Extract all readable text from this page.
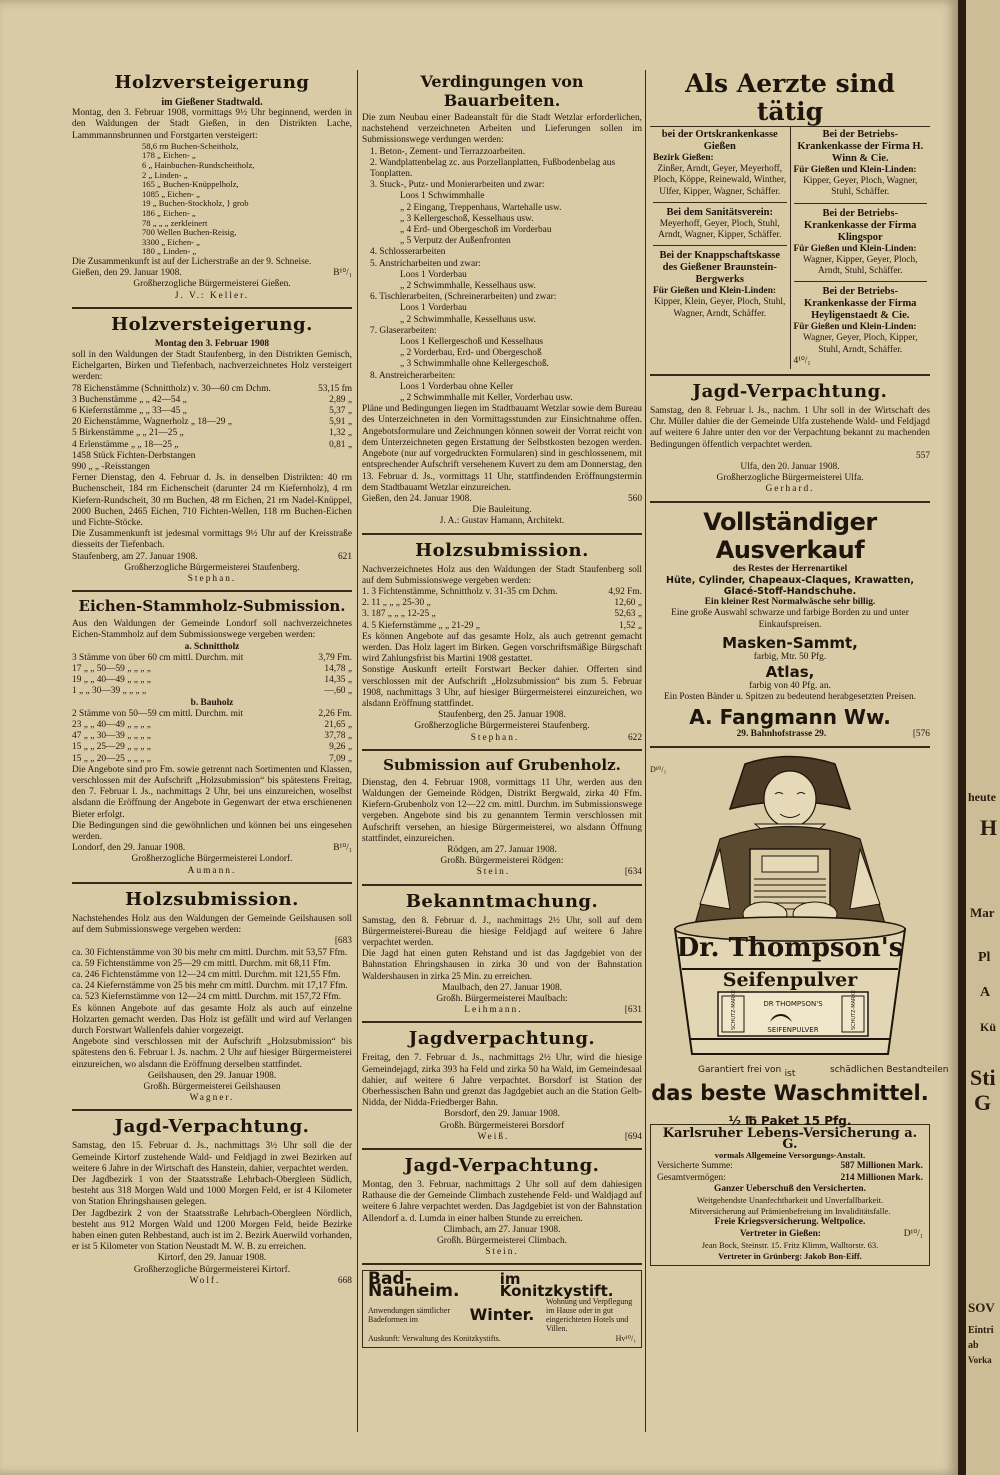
Holzversteigerung
im Gießener Stadtwald.

Montag, den 3. Februar 1908, vormittags 9½ Uhr beginnend, werden in den Waldungen der Stadt Gießen, in den Distrikten Lache, Lammmannsbrunnen und Forstgarten versteigert:

58,6 rm Buchen-Scheitholz,

178 „ Eichen- „

6 „ Hainbuchen-Rundscheitholz,

2 „ Linden- „

165 „ Buchen-Knüppelholz,

1085 „ Eichen- „

19 „ Buchen-Stockholz, } grob

186 „ Eichen- „

78 „ „ „ zerkleinert

700 Wellen Buchen-Reisig,

3300 „ Eichen- „

180 „ Linden- „

Die Zusammenkunft ist auf der Licherstraße an der 9. Schneise.

Gießen, den 29. Januar 1908.	B¹⁰/₁
Großherzogliche Bürgermeisterei Gießen.
J. V.: Keller.
Holzversteigerung.
Montag den 3. Februar 1908

soll in den Waldungen der Stadt Staufenberg, in den Distrikten Gemisch, Eichelgarten, Birken und Tiefenbach, nachverzeichnetes Holz versteigert werden:

78 Eichenstämme (Schnittholz) v. 30—60 cm Dchm.	53,15 fm
3 Buchenstämme „ „ 42—54 „	2,89 „
6 Kiefernstämme „ „ 33—45 „	5,37 „
20 Eichenstämme, Wagnerholz „ 18—29 „	5,91 „
5 Birkenstämme „ „ 21—25 „	1,32 „
4 Erlenstämme „ „ 18—25 „	0,81 „
1458 Stück Fichten-Derbstangen
990 „ „ -Reisstangen

Ferner Dienstag, den 4. Februar d. Js. in denselben Distrikten: 40 rm Buchenscheit, 184 rm Eichenscheit (darunter 24 rm Kiefernholz), 4 rm Kiefern-Rundscheit, 30 rm Buchen, 48 rm Eichen, 21 rm Nadel-Knüppel, 2000 Buchen, 2465 Eichen, 710 Fichten-Wellen, 118 rm Buchen-Eichen und Fichte-Stöcke.

Die Zusammenkunft ist jedesmal vormittags 9½ Uhr auf der Kreisstraße diesseits der Tiefenbach.

Staufenberg, am 27. Januar 1908.	621
Großherzogliche Bürgermeisterei Staufenberg.
Stephan.
Eichen-Stammholz-Submission.

Aus den Waldungen der Gemeinde Londorf soll nachverzeichnetes Eichen-Stammholz auf dem Submissionswege vergeben werden:

a. Schnittholz
3 Stämme von über 60 cm mittl. Durchm. mit	3,79 Fm.
17 „ „ 50—59 „ „ „ „	14,78 „
19 „ „ 40—49 „ „ „ „	14,35 „
1 „ „ 30—39 „ „ „ „	—,60 „
b. Bauholz
2 Stämme von 50—59 cm mittl. Durchm. mit	2,26 Fm.
23 „ „ 40—49 „ „ „ „	21,65 „
47 „ „ 30—39 „ „ „ „	37,78 „
15 „ „ 25—29 „ „ „ „	9,26 „
15 „ „ 20—25 „ „ „ „	7,09 „

Die Angebote sind pro Fm. sowie getrennt nach Sortimenten und Klassen, verschlossen mit der Aufschrift „Holzsubmission“ bis spätestens Freitag, den 7. Februar l. Js., nachmittags 2 Uhr, bei uns einzureichen, woselbst alsdann die Eröffnung der Angebote in Gegenwart der etwa erschienenen Bieter erfolgt.

Die Bedingungen sind die gewöhnlichen und können bei uns eingesehen werden.

Londorf, den 29. Januar 1908.	B¹⁰/₁
Großherzogliche Bürgermeisterei Londorf.
Aumann.
Holzsubmission.

Nachstehendes Holz aus den Waldungen der Gemeinde Geilshausen soll auf dem Submissionswege vergeben werden:

[683

ca. 30 Fichtenstämme von 30 bis mehr cm mittl. Durchm. mit 53,57 Ffm.

ca. 59 Fichtenstämme von 25—29 cm mittl. Durchm. mit 68,11 Ffm.

ca. 246 Fichtenstämme von 12—24 cm mittl. Durchm. mit 121,55 Ffm.

ca. 24 Kiefernstämme von 25 bis mehr cm mittl. Durchm. mit 17,17 Ffm.

ca. 523 Kiefernstämme von 12—24 cm mittl. Durchm. mit 157,72 Ffm.

Es können Angebote auf das gesamte Holz als auch auf einzelne Holzarten gemacht werden. Das Holz ist gefällt und wird auf Verlangen durch Forstwart Wallenfels dahier vorgezeigt.

Angebote sind verschlossen mit der Aufschrift „Holzsubmission“ bis spätestens den 6. Februar l. Js. nachm. 2 Uhr auf hiesiger Bürgermeisterei einzureichen, wo alsdann die Eröffnung derselben stattfindet.

Geilshausen, den 29. Januar 1908.
Großh. Bürgermeisterei Geilshausen
Wagner.
Jagd-Verpachtung.

Samstag, den 15. Februar d. Js., nachmittags 3½ Uhr soll die der Gemeinde Kirtorf zustehende Wald- und Feldjagd in zwei Bezirken auf weitere 6 Jahre in der Wirtschaft des Hanstein, dahier, verpachtet werden.

Der Jagdbezirk 1 von der Staatsstraße Lehrbach-Obergleen Südlich, besteht aus 318 Morgen Wald und 1000 Morgen Feld, er ist 4 Kilometer von Station Ehringshausen gelegen.

Der Jagdbezirk 2 von der Staatsstraße Lehrbach-Obergleen Nördlich, besteht aus 912 Morgen Wald und 1200 Morgen Feld, beide Bezirke haben einen guten Rehbestand, auch ist im 2. Bezirk Auerwild vorhanden, er ist 5 Kilometer von Station Neustadt M. W. B. zu erreichen.

Kirtorf, den 29. Januar 1908.
Großherzogliche Bürgermeisterei Kirtorf.
Wolf.	668
Verdingungen von Bauarbeiten.

Die zum Neubau einer Badeanstalt für die Stadt Wetzlar erforderlichen, nachstehend verzeichneten Arbeiten und Lieferungen sollen im Submissionswege verdungen werden:

1. Beton-, Zement- und Terrazzoarbeiten.

2. Wandplattenbelag zc. aus Porzellanplatten, Fußbodenbelag aus Tonplatten.

3. Stuck-, Putz- und Monierarbeiten und zwar:

Loos 1 Schwimmhalle

„ 2 Eingang, Treppenhaus, Wartehalle usw.

„ 3 Kellergeschoß, Kesselhaus usw.

„ 4 Erd- und Obergeschoß im Vorderbau

„ 5 Verputz der Außenfronten

4. Schlosserarbeiten

5. Anstricharbeiten und zwar:

Loos 1 Vorderbau

„ 2 Schwimmhalle, Kesselhaus usw.

6. Tischlerarbeiten, (Schreinerarbeiten) und zwar:

Loos 1 Vorderbau

„ 2 Schwimmhalle, Kesselhaus usw.

7. Glaserarbeiten:

Loos 1 Kellergeschoß und Kesselhaus

„ 2 Vorderbau, Erd- und Obergeschoß

„ 3 Schwimmhalle ohne Kellergeschoß.

8. Anstreicherarbeiten:

Loos 1 Vorderbau ohne Keller

„ 2 Schwimmhalle mit Keller, Vorderbau usw.

Pläne und Bedingungen liegen im Stadtbauamt Wetzlar sowie dem Bureau des Unterzeichneten in den Vormittagsstunden zur Einsichtnahme offen. Angebotsformulare und Zeichnungen können soweit der Vorrat reicht von dem Unterzeichneten gegen Erstattung der Selbstkosten bezogen werden. Angebote (nur auf vorgedruckten Formularen) sind in geschlossenem, mit entsprechender Aufschrift versehenem Kuvert zu dem am Donnerstag, den 13. Februar d. Js., vormittags 11 Uhr, stattfindenden Eröffnungstermin dem Stadtbauamt Wetzlar einzureichen.

Gießen, den 24. Januar 1908.	560
Die Bauleitung.
J. A.: Gustav Hamann, Architekt.
Holzsubmission.

Nachverzeichnetes Holz aus den Waldungen der Stadt Staufenberg soll auf dem Submissionswege vergeben werden:

1. 3 Fichtenstämme, Schnittholz v. 31-35 cm Dchm.	4,92 Fm.
2. 11 „ „ „ 25-30 „	12,60 „
3. 187 „ „ „ 12-25 „	52,63 „
4. 5 Kiefernstämme „ „ 21-29 „	1,52 „

Es können Angebote auf das gesamte Holz, als auch getrennt gemacht werden. Das Holz lagert im Birken. Gegen vorschriftsmäßige Bürgschaft wird Zahlungsfrist bis Martini 1908 gestattet.

Sonstige Auskunft erteilt Forstwart Becker dahier. Offerten sind verschlossen mit der Aufschrift „Holzsubmission“ bis zum 5. Februar 1908, nachmittags 3 Uhr, auf hiesiger Bürgermeisterei einzureichen, wo alsdann Eröffnung stattfindet.

Staufenberg, den 25. Januar 1908.
Großherzogliche Bürgermeisterei Staufenberg.
Stephan.	622
Submission auf Grubenholz.

Dienstag, den 4. Februar 1908, vormittags 11 Uhr, werden aus den Waldungen der Gemeinde Rödgen, Distrikt Bergwald, zirka 40 Ffm. Kiefern-Grubenholz von 12—22 cm. mittl. Durchm. im Submissionswege vergeben. Angebote sind bis zu genanntem Termin verschlossen mit Aufschrift versehen, an hiesige Bürgermeisterei, wo alsdann Öffnung stattfindet, einzureichen.

Rödgen, am 27. Januar 1908.
Großh. Bürgermeisterei Rödgen:
Stein.	[634
Bekanntmachung.

Samstag, den 8. Februar d. J., nachmittags 2½ Uhr, soll auf dem Bürgermeisterei-Bureau die hiesige Feldjagd auf weitere 6 Jahre verpachtet werden.

Die Jagd hat einen guten Rehstand und ist das Jagdgebiet von der Bahnstation Ehringshausen in zirka 30 und von der Bahnstation Waldershausen in zirka 25 Min. zu erreichen.

Maulbach, den 27. Januar 1908.
Großh. Bürgermeisterei Maulbach:
Leihmann.	[631
Jagdverpachtung.

Freitag, den 7. Februar d. Js., nachmittags 2½ Uhr, wird die hiesige Gemeindejagd, zirka 393 ha Feld und zirka 50 ha Wald, im Gemeindesaal dahier, auf weitere 6 Jahre verpachtet. Borsdorf ist Station der Oberhessischen Bahn und grenzt das Jagdgebiet auch an die Station Gelb-Nidda, der Nidda-Friedberger Bahn.

Borsdorf, den 29. Januar 1908.
Großh. Bürgermeisterei Borsdorf
Weiß.	[694
Jagd-Verpachtung.

Montag, den 3. Februar, nachmittags 2 Uhr soll auf dem dahiesigen Rathause die der Gemeinde Climbach zustehende Feld- und Waldjagd auf weitere 6 Jahre verpachtet werden. Das Jagdgebiet ist von der Bahnstation Allendorf a. d. Lumda in einer halben Stunde zu erreichen.

Climbach, am 27. Januar 1908.
Großh. Bürgermeisterei Climbach.
Stein.
Bad-Nauheim.
im Konitzkystift.
Anwendungen sämtlicher Badeformen im	Winter.
Wohnung und Verpflegung im Hause oder in gut eingerichteten Hotels und Villen.
Auskunft: Verwaltung des Konitzkystifts.	Hv¹⁰/₁
Als Aerzte sind tätig
bei der Ortskrankenkasse Gießen
Bezirk Gießen:

Zinßer, Arndt, Geyer, Meyerhoff, Ploch, Köppe, Reinewald, Winther, Ulfer, Kipper, Wagner, Schäffer.

Bei dem Sanitätsverein:

Meyerhoff, Geyer, Ploch, Stuhl, Arndt, Wagner, Kipper, Schäffer.

Bei der Knappschaftskasse des Gießener Braunstein-Bergwerks
Für Gießen und Klein-Linden:

Kipper, Klein, Geyer, Ploch, Stuhl, Wagner, Arndt, Schäffer.

Bei der Betriebs-Krankenkasse der Firma H. Winn & Cie.
Für Gießen und Klein-Linden:

Kipper, Geyer, Ploch, Wagner, Stuhl, Schäffer.

Bei der Betriebs-Krankenkasse der Firma Klingspor
Für Gießen und Klein-Linden:

Wagner, Kipper, Geyer, Ploch, Arndt, Stuhl, Schäffer.

Bei der Betriebs-Krankenkasse der Firma Heyligenstaedt & Cie.
Für Gießen und Klein-Linden:

Wagner, Geyer, Ploch, Kipper, Stuhl, Arndt, Schäffer.

4¹⁰/₁
Jagd-Verpachtung.

Samstag, den 8. Februar l. Js., nachm. 1 Uhr soll in der Wirtschaft des Chr. Müller dahier die der Gemeinde Ulfa zustehende Wald- und Feldjagd auf weitere 6 Jahre unter den vor der Verpachtung bekannt zu machenden Bedingungen öffentlich verpachtet werden.

557
Ulfa, den 20. Januar 1908.
Großherzogliche Bürgermeisterei Ulfa.
Gerhard.
Vollständiger Ausverkauf
des Restes der Herrenartikel
Hüte, Cylinder, Chapeaux-Claques, Krawatten, Glacé-Stoff-Handschuhe.
Ein kleiner Rest Normalwäsche sehr billig.

Eine große Auswahl schwarze und farbige Borden zu und unter Einkaufspreisen.

Masken-Sammt,
farbig, Mtr. 50 Pfg.
Atlas,
farbig von 40 Pfg. an.

Ein Posten Bänder u. Spitzen zu bedeutend herabgesetzten Preisen.

A. Fangmann Ww.
29. Bahnhofstrasse 29.	[576
Dr. Thompson's
Seifenpulver
DR THOMPSON'S
SEIFENPULVER
SCHUTZ-MARKE	SCHUTZ-MARKE
Garantiert frei von	schädlichen Bestandteilen
ist
das beste Waschmittel.
½ ℔ Paket 15 Pfg.
D¹⁰/₁
Karlsruher Lebens-Versicherung a. G.
vormals Allgemeine Versorgungs-Anstalt.
Versicherte Summe:	587 Millionen Mark.
Gesamtvermögen:	214 Millionen Mark.
Ganzer Ueberschuß den Versicherten.
Weitgehendste Unanfechtbarkeit und Unverfallbarkeit.
Mitversicherung auf Prämienbefreiung im Invaliditätsfalle.
Freie Kriegsversicherung. Weltpolice.
Vertreter in Gießen:	D¹⁰/₁
Jean Bock, Steinstr. 15. Fritz Klimm, Walltorstr. 63.
Vertreter in Grünberg: Jakob Bon-Eiff.
heute
H
Mar
Pl
A
Kü
Sti
G
SOV
Eintri
ab
Vorka
